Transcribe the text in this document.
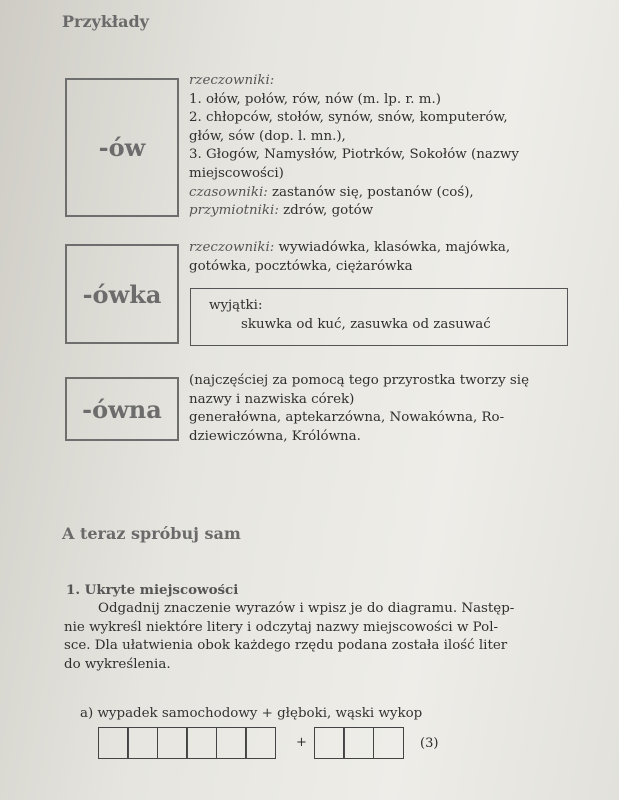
Przykłady
-ów
rzeczowniki:
1. ołów, połów, rów, nów (m. lp. r. m.)
2. chłopców, stołów, synów, snów, komputerów,
głów, sów (dop. l. mn.),
3. Głogów, Namysłów, Piotrków, Sokołów (nazwy
miejscowości)
czasowniki: zastanów się, postanów (coś),
przymiotniki: zdrów, gotów
-ówka
rzeczowniki: wywiadówka, klasówka, majówka,
gotówka, pocztówka, ciężarówka
wyjątki:
skuwka od kuć, zasuwka od zasuwać
-ówna
(najczęściej za pomocą tego przyrostka tworzy się
nazwy i nazwiska córek)
generałówna, aptekarzówna, Nowakówna, Ro-
dziewiczówna, Królówna.
A teraz spróbuj sam
1. Ukryte miejscowości
Odgadnij znaczenie wyrazów i wpisz je do diagramu. Następ-
nie wykreśl niektóre litery i odczytaj nazwy miejscowości w Pol-
sce. Dla ułatwienia obok każdego rzędu podana została ilość liter
do wykreślenia.
a) wypadek samochodowy + głęboki, wąski wykop
+	(3)
